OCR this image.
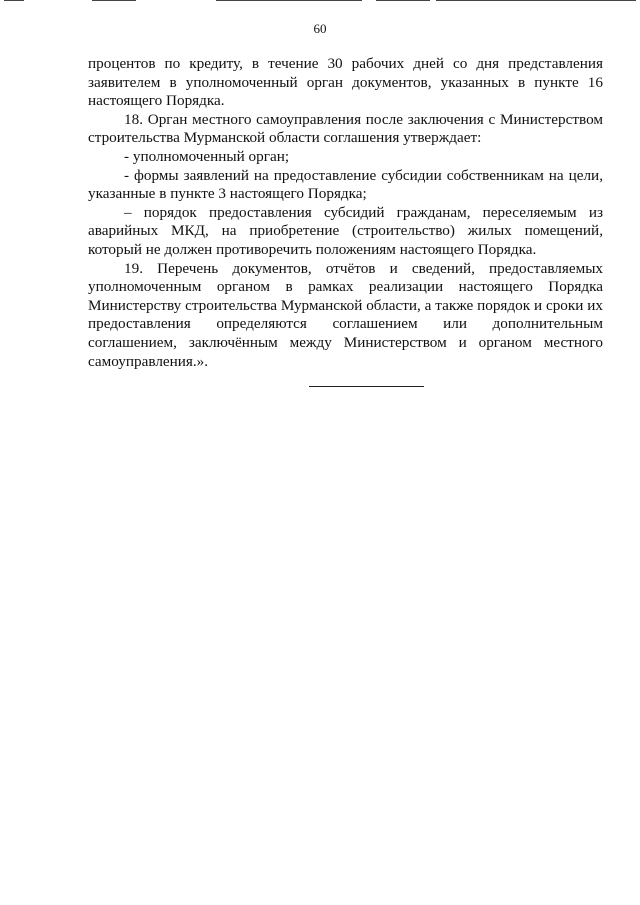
60

процентов по кредиту, в течение 30 рабочих дней со дня представления заявителем в уполномоченный орган документов, указанных в пункте 16 настоящего Порядка.

18. Орган местного самоуправления после заключения с Министерством строительства Мурманской области соглашения утверждает:

- уполномоченный орган;

- формы заявлений на предоставление субсидии собственникам на цели, указанные в пункте 3 настоящего Порядка;

– порядок предоставления субсидий гражданам, переселяемым из аварийных МКД, на приобретение (строительство) жилых помещений, который не должен противоречить положениям настоящего Порядка.

19. Перечень документов, отчётов и сведений, предоставляемых уполномоченным органом в рамках реализации настоящего Порядка Министерству строительства Мурманской области, а также порядок и сроки их предоставления определяются соглашением или дополнительным соглашением, заключённым между Министерством и органом местного самоуправления.».
